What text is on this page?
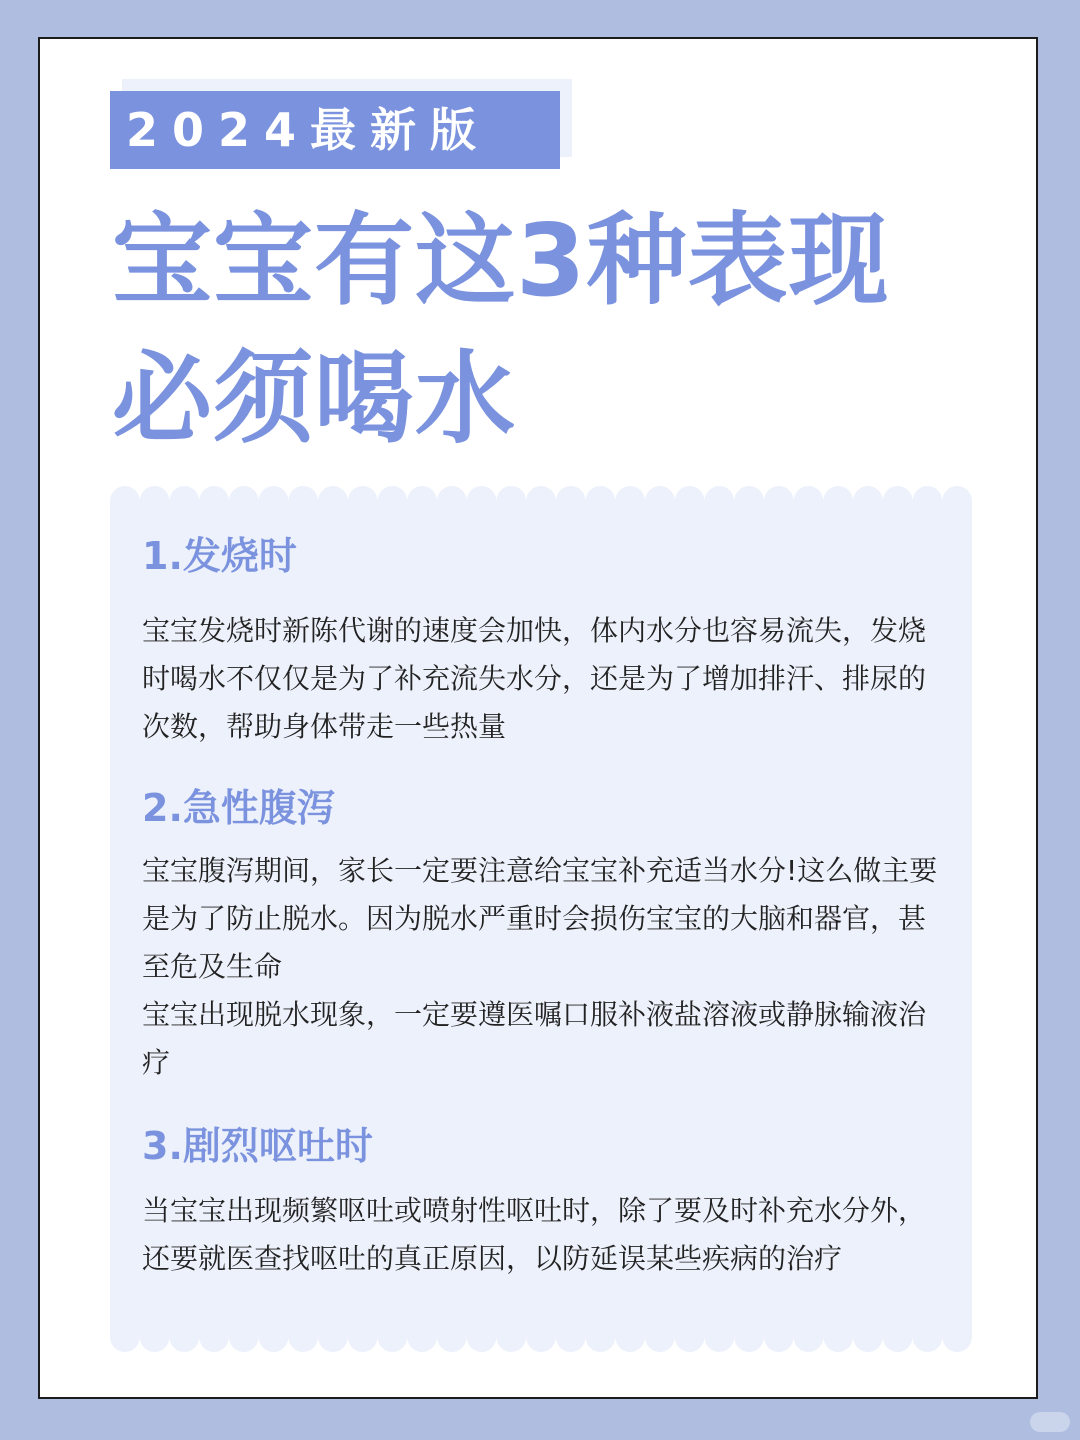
2024最新版
宝宝有这3种表现
必须喝水
1.发烧时

宝宝发烧时新陈代谢的速度会加快，体内水分也容易流失，发烧时喝水不仅仅是为了补充流失水分，还是为了增加排汗、排尿的次数，帮助身体带走一些热量

2.急性腹泻

宝宝腹泻期间，家长一定要注意给宝宝补充适当水分!这么做主要是为了防止脱水。因为脱水严重时会损伤宝宝的大脑和器官，甚至危及生命

宝宝出现脱水现象，一定要遵医嘱口服补液盐溶液或静脉输液治疗

3.剧烈呕吐时

当宝宝出现频繁呕吐或喷射性呕吐时，除了要及时补充水分外，还要就医查找呕吐的真正原因，以防延误某些疾病的治疗
